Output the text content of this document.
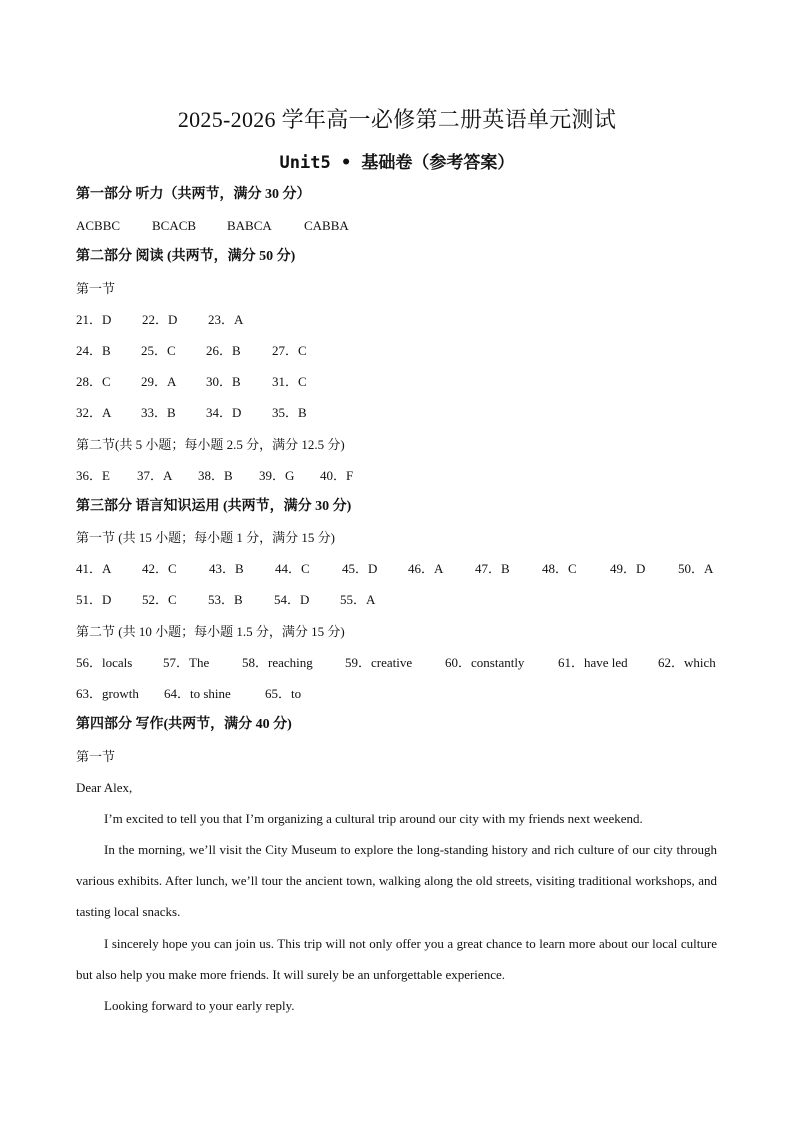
2025-2026 学年高一必修第二册英语单元测试
Unit5 • 基础卷（参考答案）
第一部分 听力（共两节，满分 30 分）
ACBBC BCACB BABCA CABBA
第二部分 阅读 (共两节，满分 50 分)
第一节
21．D 22．D 23．A
24．B 25．C 26．B 27．C
28．C 29．A 30．B 31．C
32．A 33．B 34．D 35．B
第二节(共 5 小题；每小题 2.5 分，满分 12.5 分)
36．E 37．A 38．B 39．G 40．F
第三部分 语言知识运用 (共两节，满分 30 分)
第一节 (共 15 小题；每小题 1 分，满分 15 分)
41．A 42．C 43．B 44．C 45．D 46．A 47．B 48．C	49．D	50．A
51．D 52．C 53．B 54．D 55．A
第二节 (共 10 小题；每小题 1.5 分，满分 15 分)
56．locals 57．The	58．reaching 59．creative	60．constantly	61．have led 62．which
63．growth 64．to shine	65．to
第四部分 写作(共两节，满分 40 分)
第一节
Dear Alex,
I’m excited to tell you that I’m organizing a cultural trip around our city with my friends next weekend.
In the morning, we’ll visit the City Museum to explore the long-standing history and rich culture of our city through various exhibits. After lunch, we’ll tour the ancient town, walking along the old streets, visiting traditional workshops, and tasting local snacks.
I sincerely hope you can join us. This trip will not only offer you a great chance to learn more about our local culture but also help you make more friends. It will surely be an unforgettable experience.
Looking forward to your early reply.
